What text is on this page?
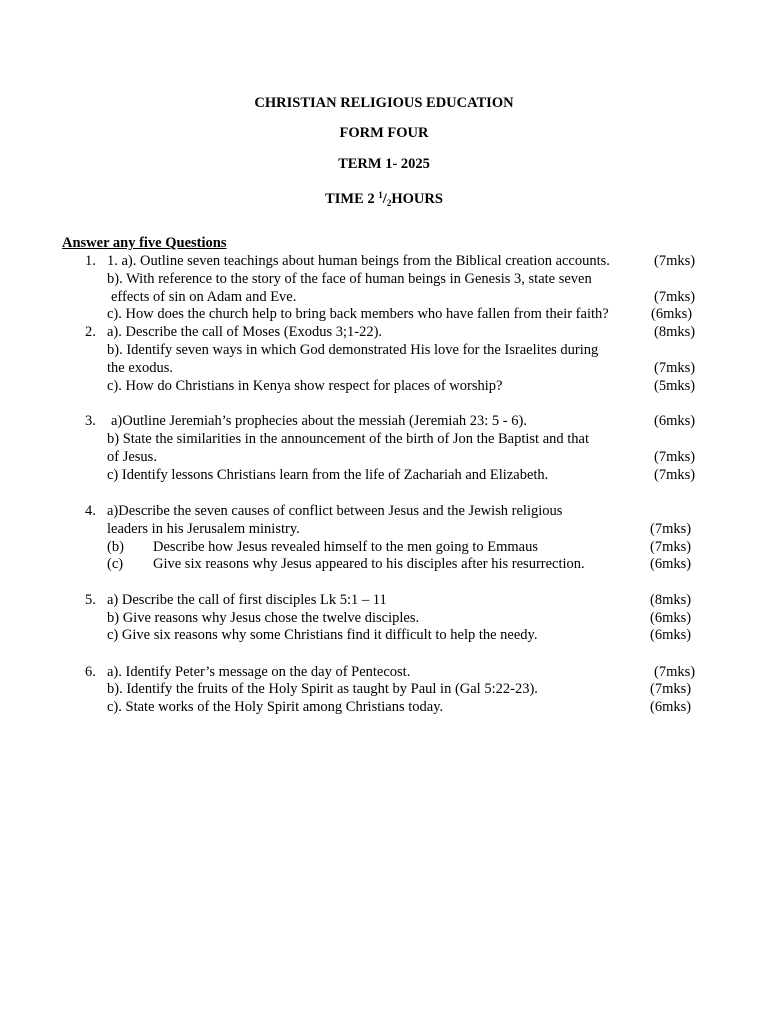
CHRISTIAN RELIGIOUS EDUCATION
FORM FOUR
TERM 1- 2025
TIME 2 $^1/_2HOURS$
Answer any five Questions
1. 1. a). Outline seven teachings about human beings from the Biblical creation accounts.	(7mks)
b). With reference to the story of the face of human beings in Genesis 3, state seven
effects of sin on Adam and Eve.	(7mks)
c). How does the church help to bring back members who have fallen from their faith?	(6mks)
2. a). Describe the call of Moses (Exodus 3;1-22).	(8mks)
b). Identify seven ways in which God demonstrated His love for the Israelites during
the exodus.	(7mks)
c). How do Christians in Kenya show respect for places of worship?	(5mks)
3. a)Outline Jeremiah’s prophecies about the messiah (Jeremiah 23: 5 - 6).	(6mks)
b) State the similarities in the announcement of the birth of Jon the Baptist and that
of Jesus.	(7mks)
c) Identify lessons Christians learn from the life of Zachariah and Elizabeth.	(7mks)
4. a)Describe the seven causes of conflict between Jesus and the Jewish religious
leaders in his Jerusalem ministry.	(7mks)
(b) Describe how Jesus revealed himself to the men going to Emmaus	(7mks)
(c) Give six reasons why Jesus appeared to his disciples after his resurrection.	(6mks)
5. a) Describe the call of first disciples Lk 5:1 – 11	(8mks)
b) Give reasons why Jesus chose the twelve disciples.	(6mks)
c) Give six reasons why some Christians find it difficult to help the needy.	(6mks)
6. a). Identify Peter’s message on the day of Pentecost.	(7mks)
b). Identify the fruits of the Holy Spirit as taught by Paul in (Gal 5:22-23).	(7mks)
c). State works of the Holy Spirit among Christians today.	(6mks)
